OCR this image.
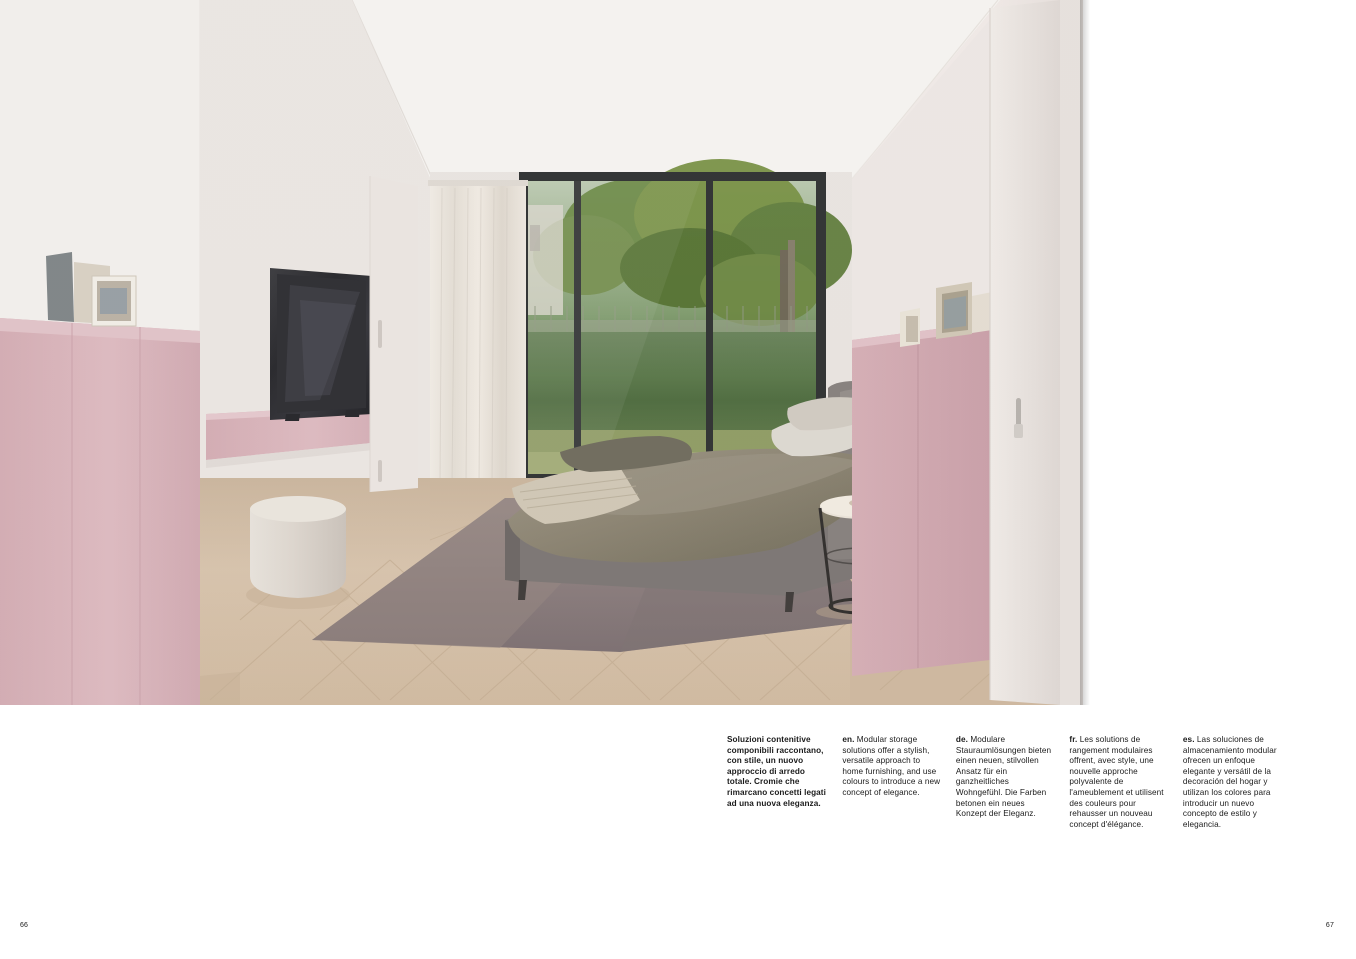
Soluzioni contenitive componibili raccontano, con stile, un nuovo approccio di arredo totale. Cromie che rimarcano concetti legati ad una nuova eleganza.
en. Modular storage solutions offer a stylish, versatile approach to home furnishing, and use colours to introduce a new concept of elegance.
de. Modulare Stauraumlösungen bieten einen neuen, stilvollen Ansatz für ein ganzheitliches Wohngefühl. Die Farben betonen ein neues Konzept der Eleganz.
fr. Les solutions de rangement modulaires offrent, avec style, une nouvelle approche polyvalente de l'ameublement et utilisent des couleurs pour rehausser un nouveau concept d'élégance.
es. Las soluciones de almacenamiento modular ofrecen un enfoque elegante y versátil de la decoración del hogar y utilizan los colores para introducir un nuevo concepto de estilo y elegancia.
66	67
